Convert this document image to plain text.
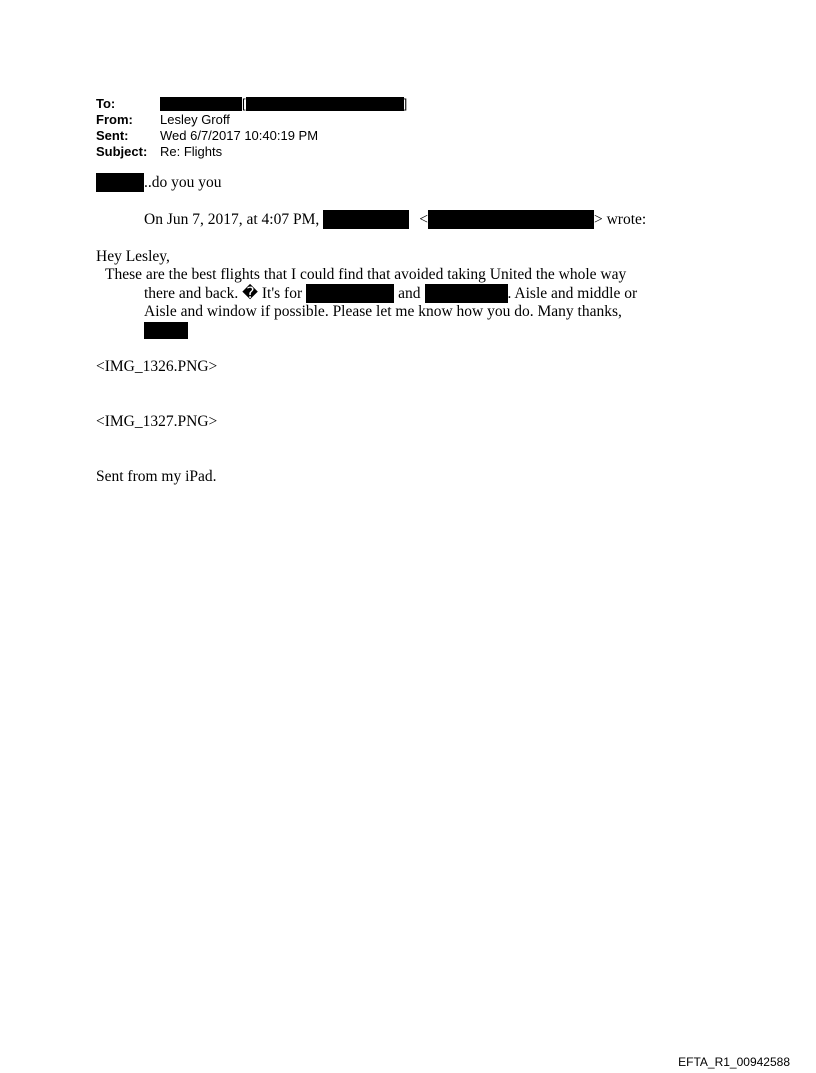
To:	[	]
From:	Lesley Groff
Sent:	Wed 6/7/2017 10:40:19 PM
Subject: Re: Flights
..do you you
On Jun 7, 2017, at 4:07 PM,	<	> wrote:
Hey Lesley,
These are the best flights that I could find that avoided taking United the whole way
there and back. � It's for	and	. Aisle and middle or
Aisle and window if possible. Please let me know how you do. Many thanks,
<IMG_1326.PNG>
<IMG_1327.PNG>
Sent from my iPad.
EFTA_R1_00942588
